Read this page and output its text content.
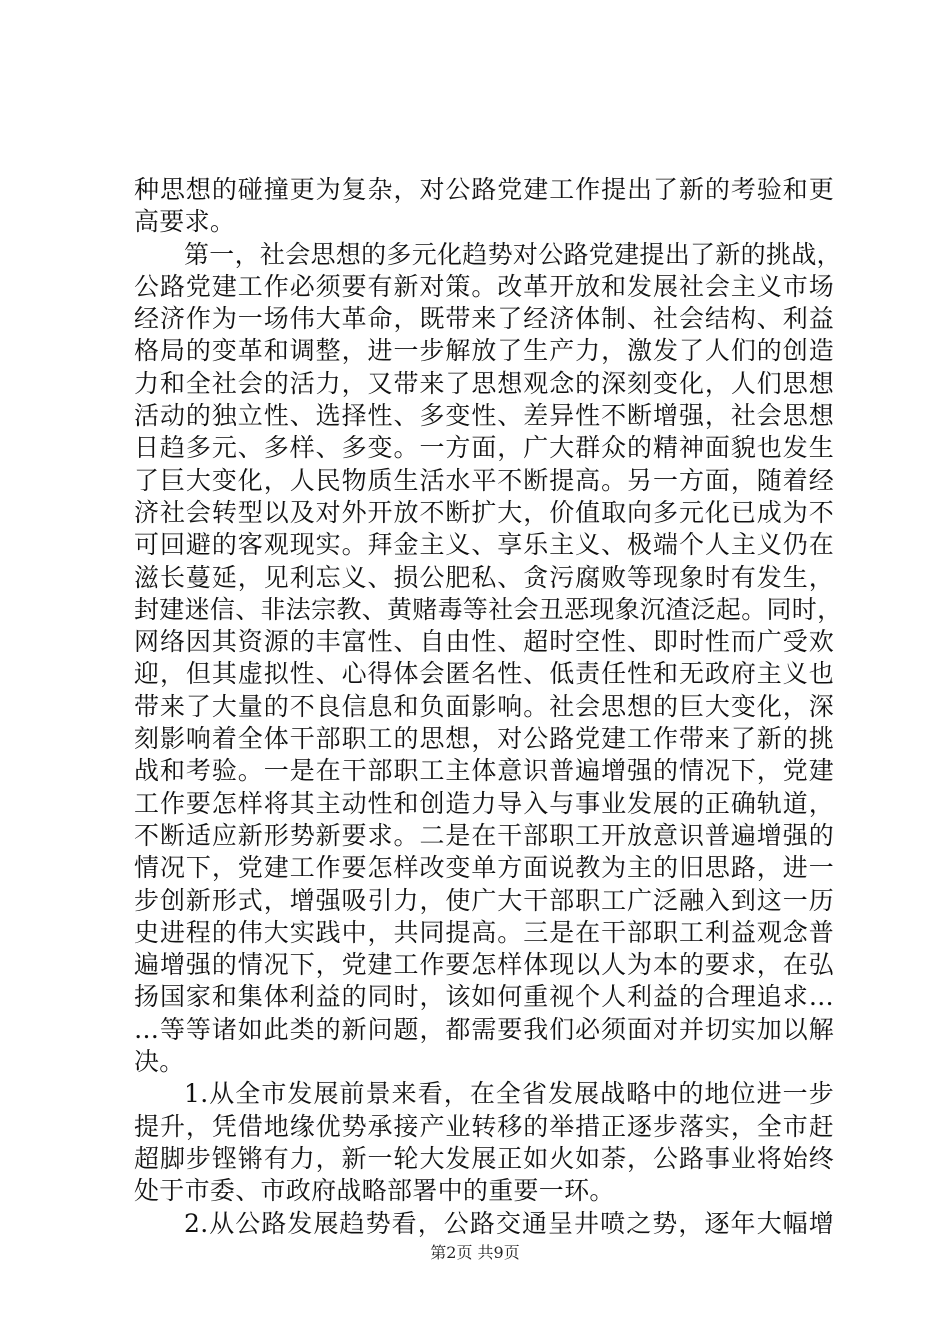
种思想的碰撞更为复杂，对公路党建工作提出了新的考验和更
高要求。
第一，社会思想的多元化趋势对公路党建提出了新的挑战，
公路党建工作必须要有新对策。改革开放和发展社会主义市场
经济作为一场伟大革命，既带来了经济体制、社会结构、利益
格局的变革和调整，进一步解放了生产力，激发了人们的创造
力和全社会的活力，又带来了思想观念的深刻变化，人们思想
活动的独立性、选择性、多变性、差异性不断增强，社会思想
日趋多元、多样、多变。一方面，广大群众的精神面貌也发生
了巨大变化，人民物质生活水平不断提高。另一方面，随着经
济社会转型以及对外开放不断扩大，价值取向多元化已成为不
可回避的客观现实。拜金主义、享乐主义、极端个人主义仍在
滋长蔓延，见利忘义、损公肥私、贪污腐败等现象时有发生，
封建迷信、非法宗教、黄赌毒等社会丑恶现象沉渣泛起。同时，
网络因其资源的丰富性、自由性、超时空性、即时性而广受欢
迎，但其虚拟性、心得体会匿名性、低责任性和无政府主义也
带来了大量的不良信息和负面影响。社会思想的巨大变化，深
刻影响着全体干部职工的思想，对公路党建工作带来了新的挑
战和考验。一是在干部职工主体意识普遍增强的情况下，党建
工作要怎样将其主动性和创造力导入与事业发展的正确轨道，
不断适应新形势新要求。二是在干部职工开放意识普遍增强的
情况下，党建工作要怎样改变单方面说教为主的旧思路，进一
步创新形式，增强吸引力，使广大干部职工广泛融入到这一历
史进程的伟大实践中，共同提高。三是在干部职工利益观念普
遍增强的情况下，党建工作要怎样体现以人为本的要求，在弘
扬国家和集体利益的同时，该如何重视个人利益的合理追求…
…等等诸如此类的新问题，都需要我们必须面对并切实加以解
决。
1.从全市发展前景来看，在全省发展战略中的地位进一步
提升，凭借地缘优势承接产业转移的举措正逐步落实，全市赶
超脚步铿锵有力，新一轮大发展正如火如荼，公路事业将始终
处于市委、市政府战略部署中的重要一环。
2.从公路发展趋势看，公路交通呈井喷之势，逐年大幅增
第2页 共9页
